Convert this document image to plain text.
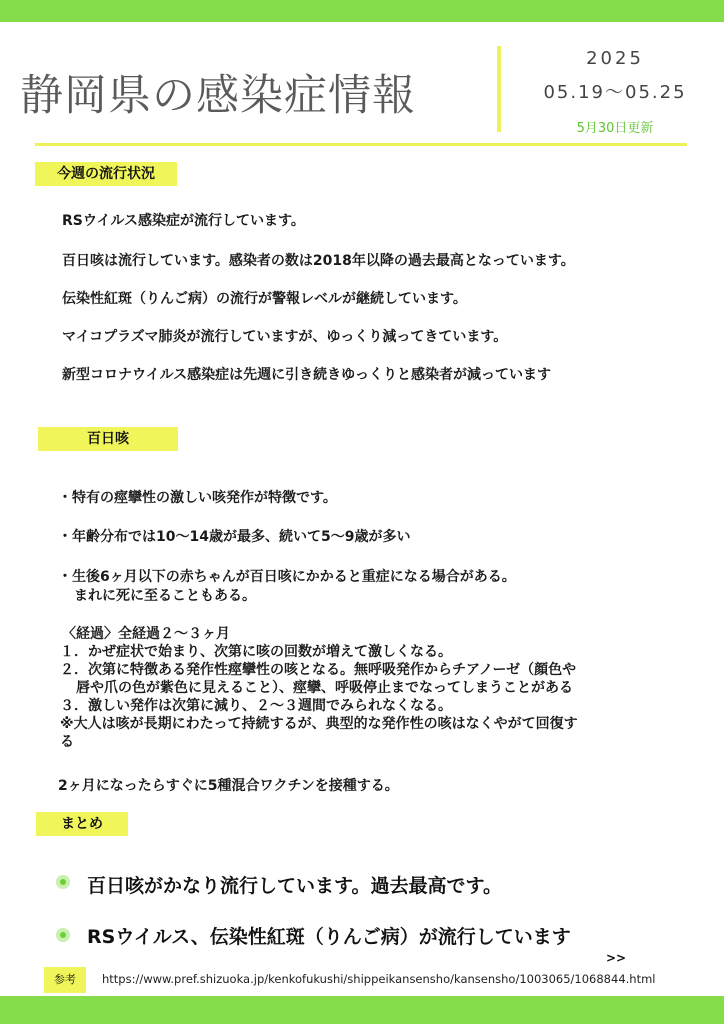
静岡県の感染症情報
2025
05.19～05.25
5月30日更新
今週の流行状況
RSウイルス感染症が流行しています。
百日咳は流行しています。感染者の数は2018年以降の過去最高となっています。
伝染性紅斑（りんご病）の流行が警報レベルが継続しています。
マイコプラズマ肺炎が流行していますが、ゆっくり減ってきています。
新型コロナウイルス感染症は先週に引き続きゆっくりと感染者が減っています
百日咳
・特有の痙攣性の激しい咳発作が特徴です。
・年齢分布では10〜14歳が最多、続いて5〜9歳が多い
・生後6ヶ月以下の赤ちゃんが百日咳にかかると重症になる場合がある。
まれに死に至ることもある。
〈経過〉全経過２〜３ヶ月
１．かぜ症状で始まり、次第に咳の回数が増えて激しくなる。
２．次第に特徴ある発作性痙攣性の咳となる。無呼吸発作からチアノーゼ（顔色や
唇や爪の色が紫色に見えること）、痙攣、呼吸停止までなってしまうことがある
３．激しい発作は次第に減り、２〜３週間でみられなくなる。
※大人は咳が長期にわたって持続するが、典型的な発作性の咳はなくやがて回復す
る
2ヶ月になったらすぐに5種混合ワクチンを接種する。
まとめ
百日咳がかなり流行しています。過去最高です。
RSウイルス、伝染性紅斑（りんご病）が流行しています
>>
参考	https://www.pref.shizuoka.jp/kenkofukushi/shippeikansensho/kansensho/1003065/1068844.html
